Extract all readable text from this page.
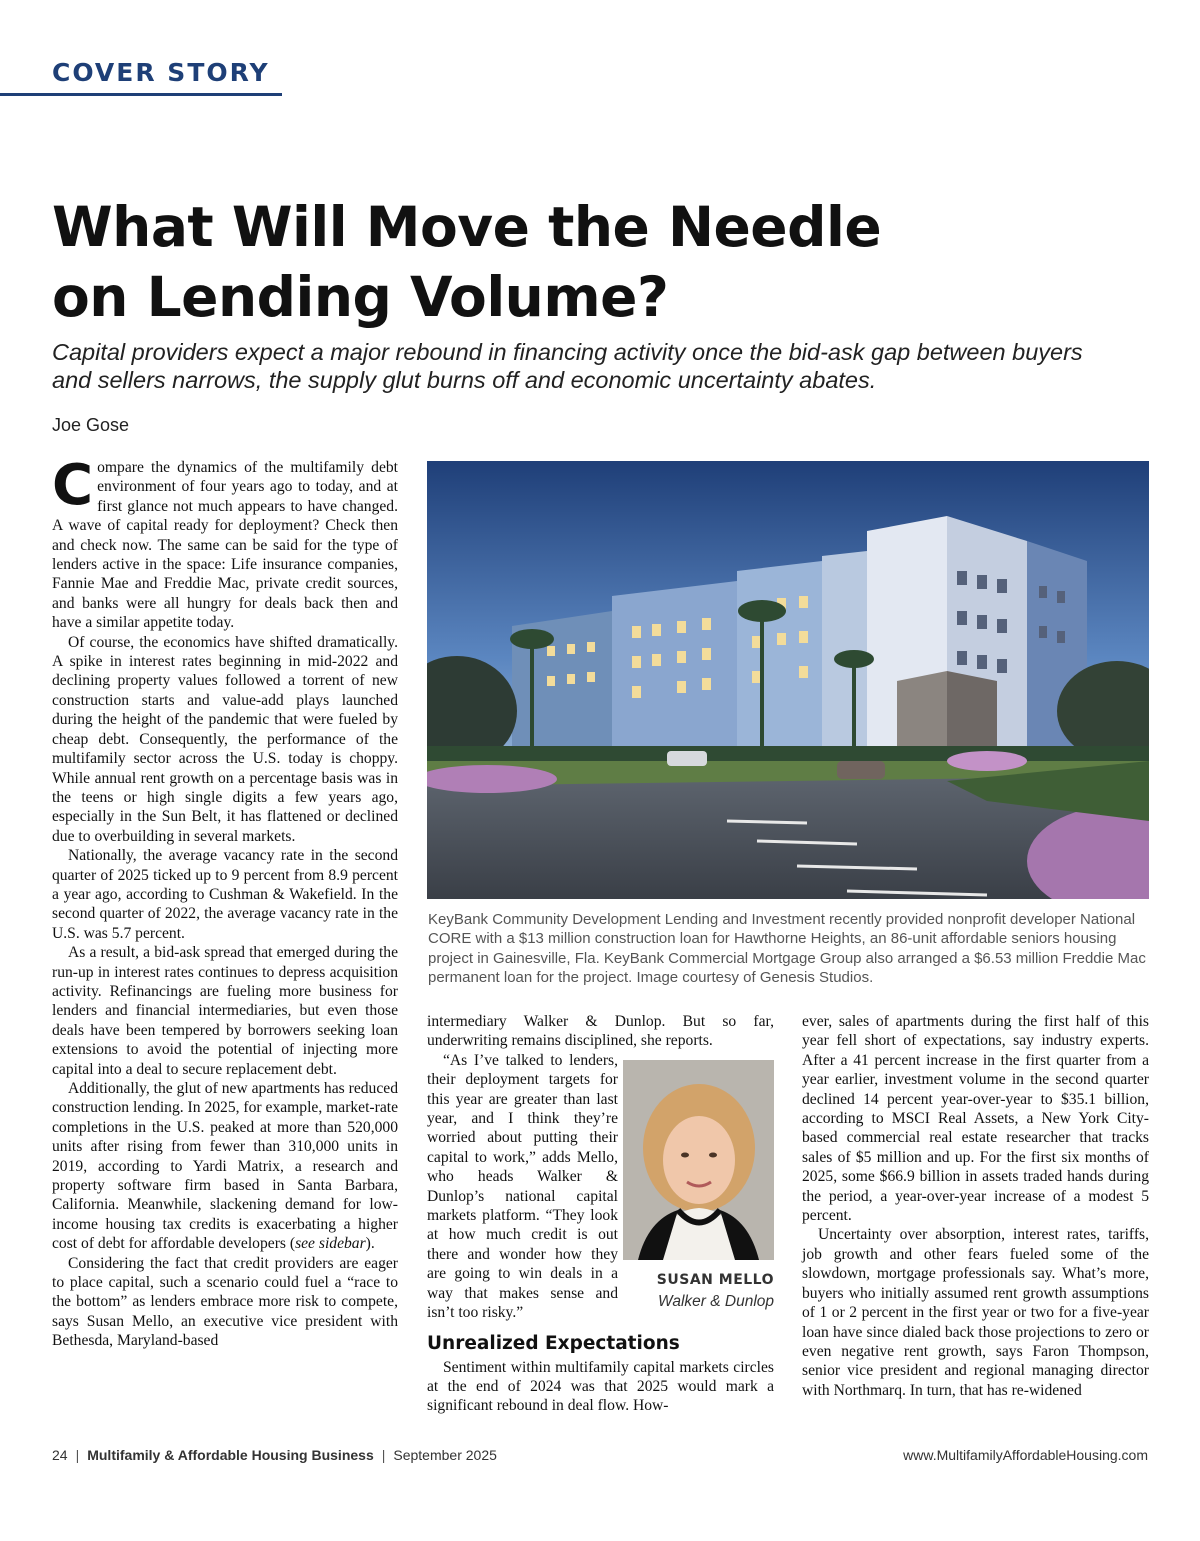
COVER STORY
What Will Move the Needle
on Lending Volume?
Capital providers expect a major rebound in financing activity once the bid-ask gap between buyers
and sellers narrows, the supply glut burns off and economic uncertainty abates.
Joe Gose

Compare the dynamics of the multifamily debt environment of four years ago to today, and at first glance not much appears to have changed. A wave of capital ready for deployment? Check then and check now. The same can be said for the type of lenders active in the space: Life insurance companies, Fannie Mae and Freddie Mac, private credit sources, and banks were all hungry for deals back then and have a similar appetite today.

Of course, the economics have shifted dramatically. A spike in interest rates beginning in mid-2022 and declining property values followed a torrent of new construction starts and value-add plays launched during the height of the pandemic that were fueled by cheap debt. Consequently, the performance of the multifamily sector across the U.S. today is choppy. While annual rent growth on a percentage basis was in the teens or high single digits a few years ago, especially in the Sun Belt, it has flattened or declined due to overbuilding in several markets.

Nationally, the average vacancy rate in the second quarter of 2025 ticked up to 9 percent from 8.9 percent a year ago, according to Cushman & Wakefield. In the second quarter of 2022, the average vacancy rate in the U.S. was 5.7 percent.

As a result, a bid-ask spread that emerged during the run-up in interest rates continues to depress acquisition activity. Refinancings are fueling more business for lenders and financial intermediaries, but even those deals have been tempered by borrowers seeking loan extensions to avoid the potential of injecting more capital into a deal to secure replacement debt.

Additionally, the glut of new apartments has reduced construction lending. In 2025, for example, market-rate completions in the U.S. peaked at more than 520,000 units after rising from fewer than 310,000 units in 2019, according to Yardi Matrix, a research and property software firm based in Santa Barbara, California. Meanwhile, slackening demand for low-income housing tax credits is exacerbating a higher cost of debt for affordable developers (see sidebar).

Considering the fact that credit providers are eager to place capital, such a scenario could fuel a “race to the bottom” as lenders embrace more risk to compete, says Susan Mello, an executive vice president with Bethesda, Maryland-based

KeyBank Community Development Lending and Investment recently provided nonprofit developer National CORE with a $13 million construction loan for Hawthorne Heights, an 86-unit affordable seniors housing project in Gainesville, Fla. KeyBank Commercial Mortgage Group also arranged a $6.53 million Freddie Mac permanent loan for the project. Image courtesy of Genesis Studios.

intermediary Walker & Dunlop. But so far, underwriting remains disciplined, she reports.

“As I’ve talked to lenders, their deployment targets for this year are greater than last year, and I think they’re worried about putting their capital to work,” adds Mello, who heads Walker & Dunlop’s national capital markets platform. “They look at how much credit is out there and wonder how they are going to win deals in a way that makes sense and isn’t too risky.”

Unrealized Expectations

Sentiment within multifamily capital markets circles at the end of 2024 was that 2025 would mark a significant rebound in deal flow. How-

SUSAN MELLO
Walker & Dunlop

ever, sales of apartments during the first half of this year fell short of expectations, say industry experts. After a 41 percent increase in the first quarter from a year earlier, investment volume in the second quarter declined 14 percent year-over-year to $35.1 billion, according to MSCI Real Assets, a New York City-based commercial real estate researcher that tracks sales of $5 million and up. For the first six months of 2025, some $66.9 billion in assets traded hands during the period, a year-over-year increase of a modest 5 percent.

Uncertainty over absorption, interest rates, tariffs, job growth and other fears fueled some of the slowdown, mortgage professionals say. What’s more, buyers who initially assumed rent growth assumptions of 1 or 2 percent in the first year or two for a five-year loan have since dialed back those projections to zero or even negative rent growth, says Faron Thompson, senior vice president and regional managing director with Northmarq. In turn, that has re-widened

24 | Multifamily & Affordable Housing Business | September 2025	www.MultifamilyAffordableHousing.com
